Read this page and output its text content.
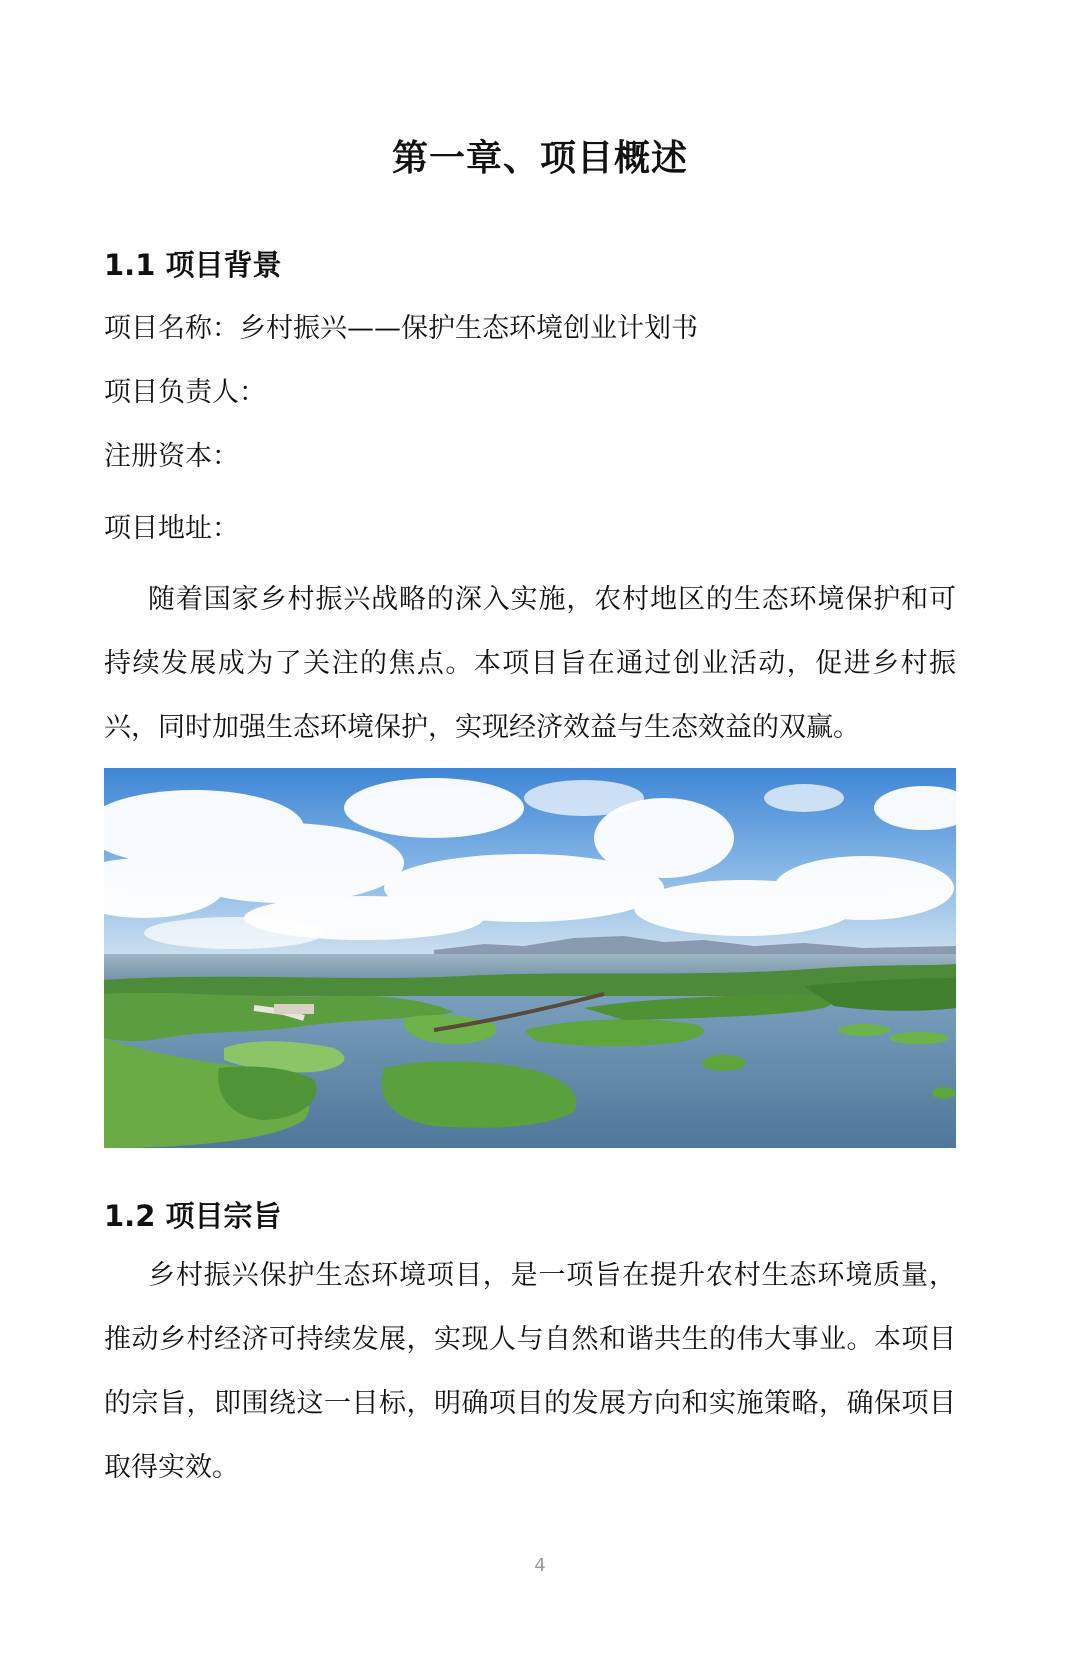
第一章、项目概述
1.1 项目背景
项目名称：乡村振兴——保护生态环境创业计划书
项目负责人：
注册资本：
项目地址：
随着国家乡村振兴战略的深入实施，农村地区的生态环境保护和可持续发展成为了关注的焦点。本项目旨在通过创业活动，促进乡村振兴，同时加强生态环境保护，实现经济效益与生态效益的双赢。
1.2 项目宗旨
乡村振兴保护生态环境项目，是一项旨在提升农村生态环境质量，推动乡村经济可持续发展，实现人与自然和谐共生的伟大事业。本项目的宗旨，即围绕这一目标，明确项目的发展方向和实施策略，确保项目取得实效。
4
